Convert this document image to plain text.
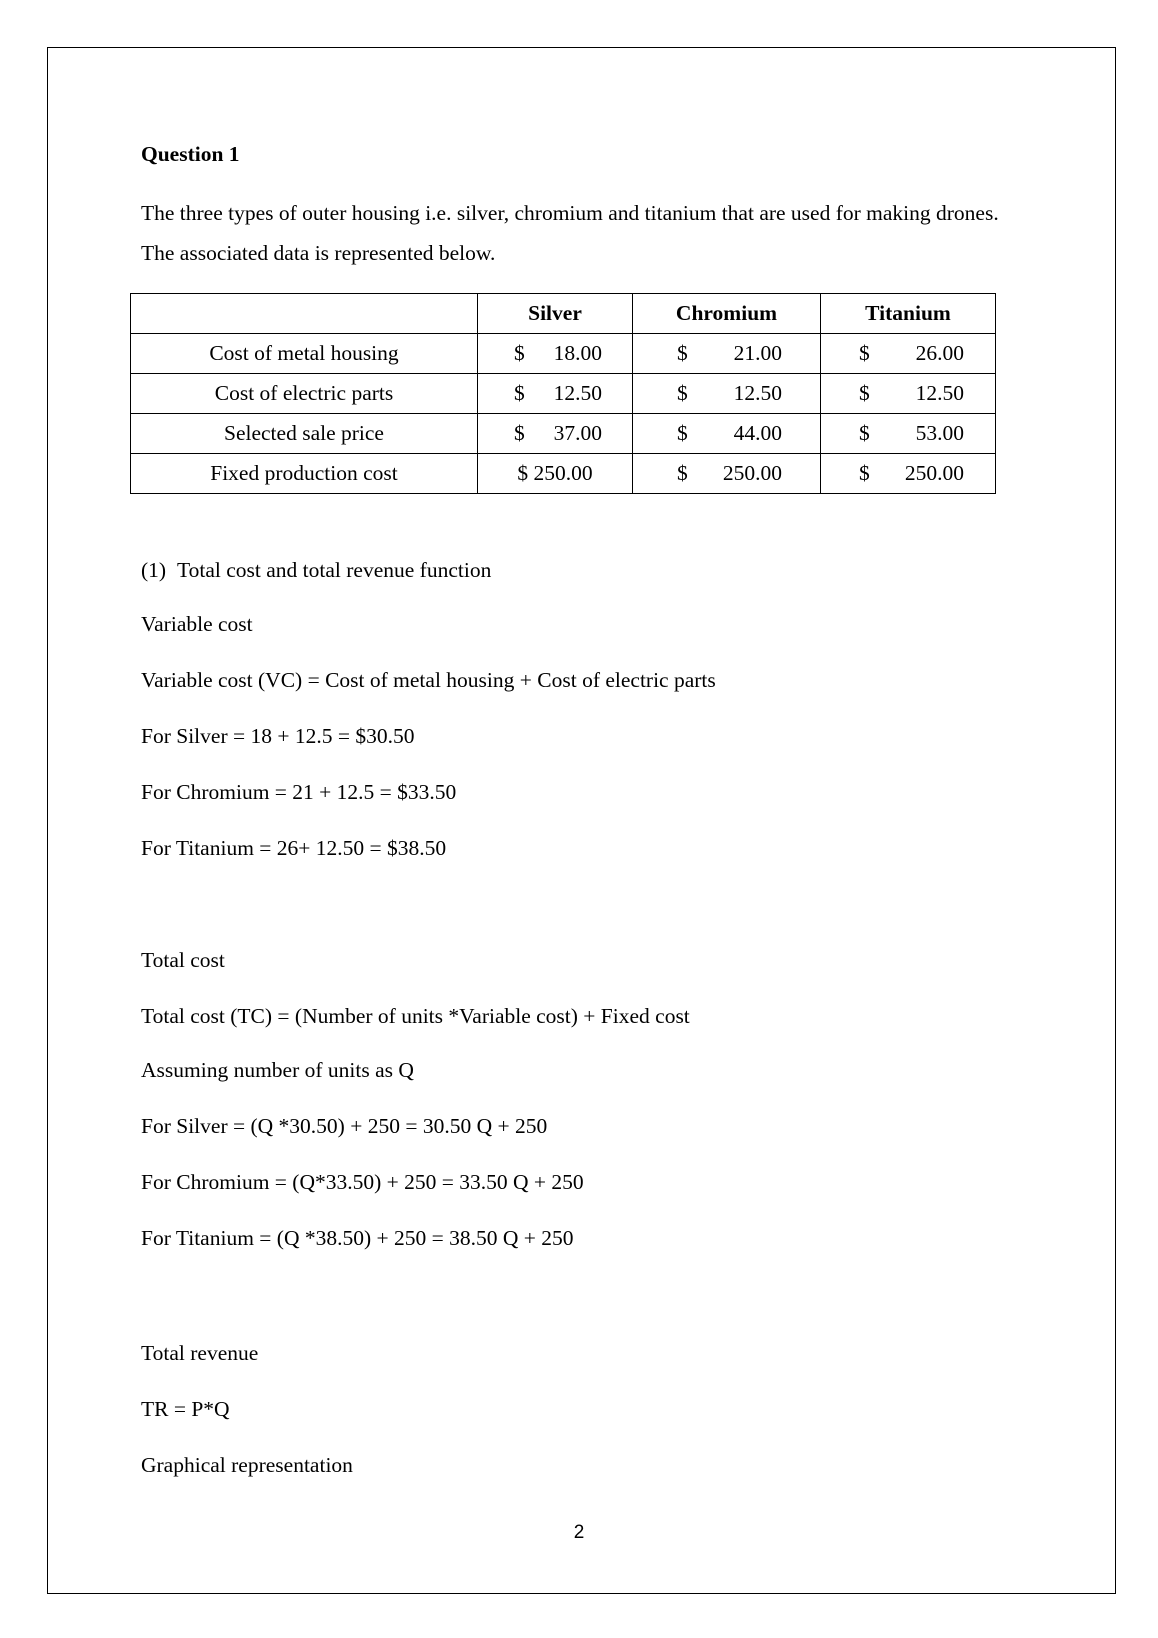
Question 1
The three types of outer housing i.e. silver, chromium and titanium that are used for making drones. The associated data is represented below.
	Silver	Chromium	Titanium
Cost of metal housing	$ 18.00	$ 21.00	$ 26.00

Cost of electric parts	$ 12.50	$ 12.50	$ 12.50

Selected sale price	$ 37.00	$ 44.00	$ 53.00

Fixed production cost	$ 250.00	$ 250.00	$ 250.00
(1) Total cost and total revenue function
Variable cost
Variable cost (VC) = Cost of metal housing + Cost of electric parts
For Silver = 18 + 12.5 = $30.50
For Chromium = 21 + 12.5 = $33.50
For Titanium = 26+ 12.50 = $38.50
Total cost
Total cost (TC) = (Number of units *Variable cost) + Fixed cost
Assuming number of units as Q
For Silver = (Q *30.50) + 250 = 30.50 Q + 250
For Chromium = (Q*33.50) + 250 = 33.50 Q + 250
For Titanium = (Q *38.50) + 250 = 38.50 Q + 250
Total revenue
TR = P*Q
Graphical representation
2
